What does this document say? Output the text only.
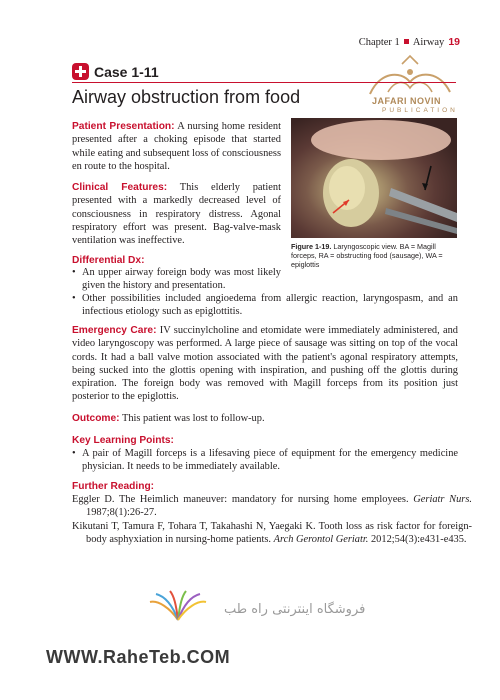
Chapter 1 Airway 19
JAFARI NOVIN
PUBLICATION
Case 1-11
Airway obstruction from food
Patient Presentation: A nursing home resident presented after a choking episode that started while eating and subsequent loss of consciousness en route to the hospital.
Clinical Features: This elderly patient presented with a markedly decreased level of consciousness in respiratory distress. Agonal respiratory effort was present. Bag-valve-mask ventilation was ineffective.
Figure 1-19. Laryngoscopic view. BA = Magill forceps, RA = obstructing food (sausage), WA = epiglottis
Differential Dx:
• An upper airway foreign body was most likely given the history and presentation.
• Other possibilities included angioedema from allergic reaction, laryngospasm, and an infectious etiology such as epiglottitis.
Emergency Care: IV succinylcholine and etomidate were immediately administered, and video laryngoscopy was performed. A large piece of sausage was sitting on top of the vocal cords. It had a ball valve motion associated with the patient's agonal respiratory attempts, being sucked into the glottis opening with inspiration, and pushing off the glottis during expiration. The foreign body was removed with Magill forceps from its position just posterior to the epiglottis.
Outcome: This patient was lost to follow-up.
Key Learning Points:
• A pair of Magill forceps is a lifesaving piece of equipment for the emergency medicine physician. It needs to be immediately available.
Further Reading:
Eggler D. The Heimlich maneuver: mandatory for nursing home employees. Geriatr Nurs. 1987;8(1):26-27.
Kikutani T, Tamura F, Tohara T, Takahashi N, Yaegaki K. Tooth loss as risk factor for foreign-body asphyxiation in nursing-home patients. Arch Gerontol Geriatr. 2012;54(3):e431-e435.
فروشگاه اینترنتی راه طب
WWW.RaheTeb.COM
